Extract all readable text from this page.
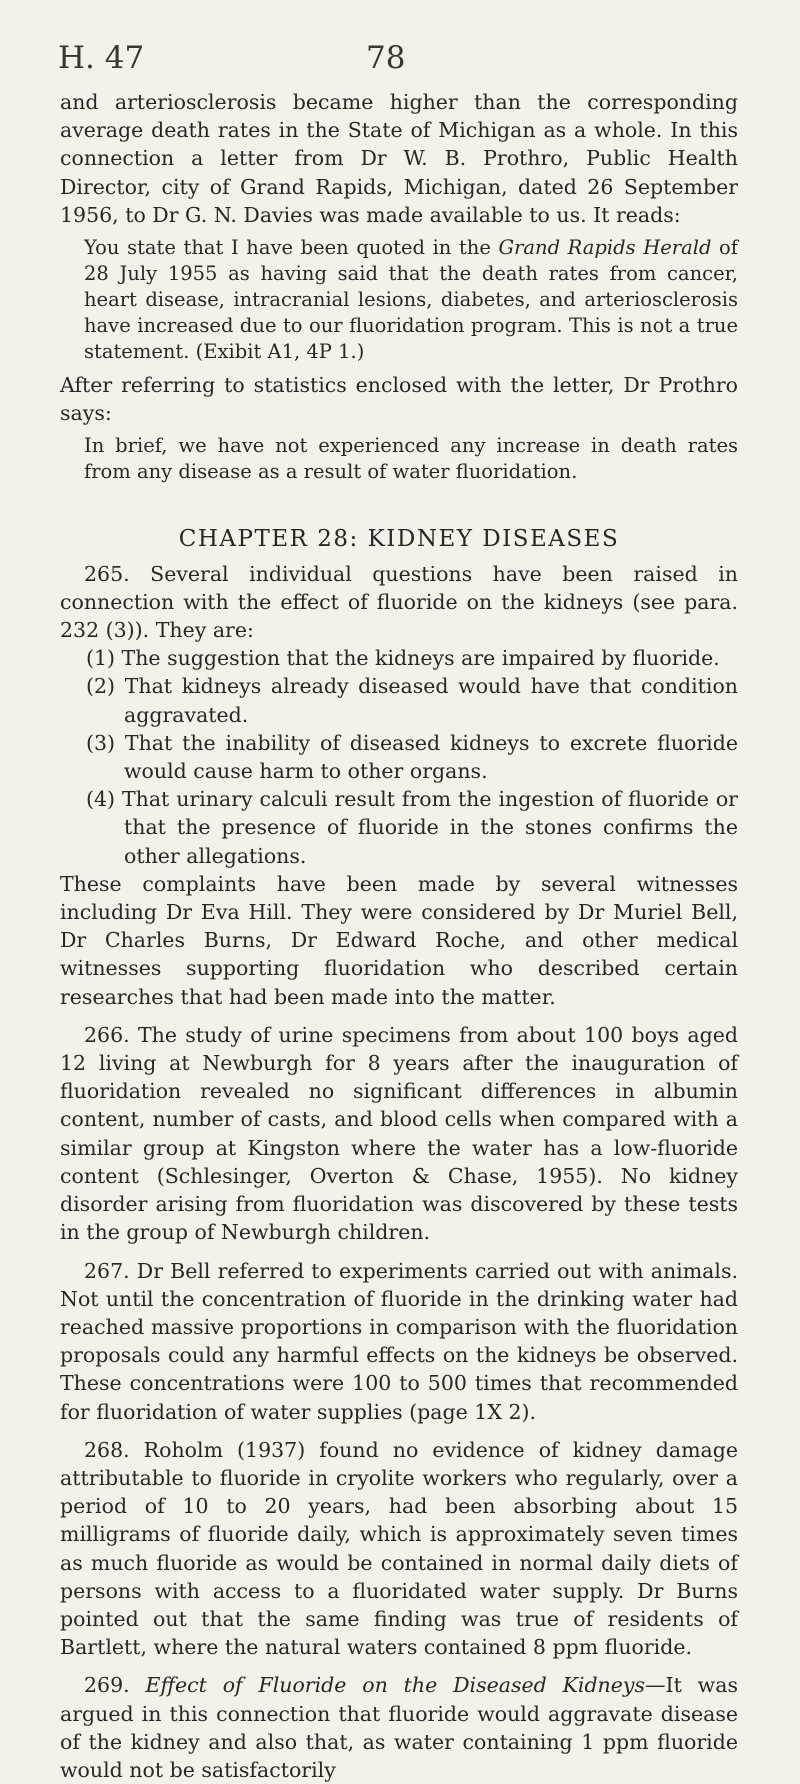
H. 47	78

and arteriosclerosis became higher than the corresponding average death rates in the State of Michigan as a whole. In this connection a letter from Dr W. B. Prothro, Public Health Director, city of Grand Rapids, Michigan, dated 26 September 1956, to Dr G. N. Davies was made available to us. It reads:

You state that I have been quoted in the Grand Rapids Herald of 28 July 1955 as having said that the death rates from cancer, heart disease, intracranial lesions, diabetes, and arteriosclerosis have increased due to our fluoridation program. This is not a true statement. (Exibit A1, 4P 1.)

After referring to statistics enclosed with the letter, Dr Prothro says:

In brief, we have not experienced any increase in death rates from any disease as a result of water fluoridation.

CHAPTER 28: KIDNEY DISEASES

265. Several individual questions have been raised in connection with the effect of fluoride on the kidneys (see para. 232 (3)). They are:

(1) The suggestion that the kidneys are impaired by fluoride.

(2) That kidneys already diseased would have that condition aggravated.

(3) That the inability of diseased kidneys to excrete fluoride would cause harm to other organs.

(4) That urinary calculi result from the ingestion of fluoride or that the presence of fluoride in the stones confirms the other allegations.

These complaints have been made by several witnesses including Dr Eva Hill. They were considered by Dr Muriel Bell, Dr Charles Burns, Dr Edward Roche, and other medical witnesses supporting fluoridation who described certain researches that had been made into the matter.

266. The study of urine specimens from about 100 boys aged 12 living at Newburgh for 8 years after the inauguration of fluoridation revealed no significant differences in albumin content, number of casts, and blood cells when compared with a similar group at Kingston where the water has a low-fluoride content (Schlesinger, Overton & Chase, 1955). No kidney disorder arising from fluoridation was discovered by these tests in the group of Newburgh children.

267. Dr Bell referred to experiments carried out with animals. Not until the concentration of fluoride in the drinking water had reached massive proportions in comparison with the fluoridation proposals could any harmful effects on the kidneys be observed. These concentrations were 100 to 500 times that recommended for fluoridation of water supplies (page 1X 2).

268. Roholm (1937) found no evidence of kidney damage attributable to fluoride in cryolite workers who regularly, over a period of 10 to 20 years, had been absorbing about 15 milligrams of fluoride daily, which is approximately seven times as much fluoride as would be contained in normal daily diets of persons with access to a fluoridated water supply. Dr Burns pointed out that the same finding was true of residents of Bartlett, where the natural waters contained 8 ppm fluoride.

269. Effect of Fluoride on the Diseased Kidneys—It was argued in this connection that fluoride would aggravate disease of the kidney and also that, as water containing 1 ppm fluoride would not be satisfactorily
